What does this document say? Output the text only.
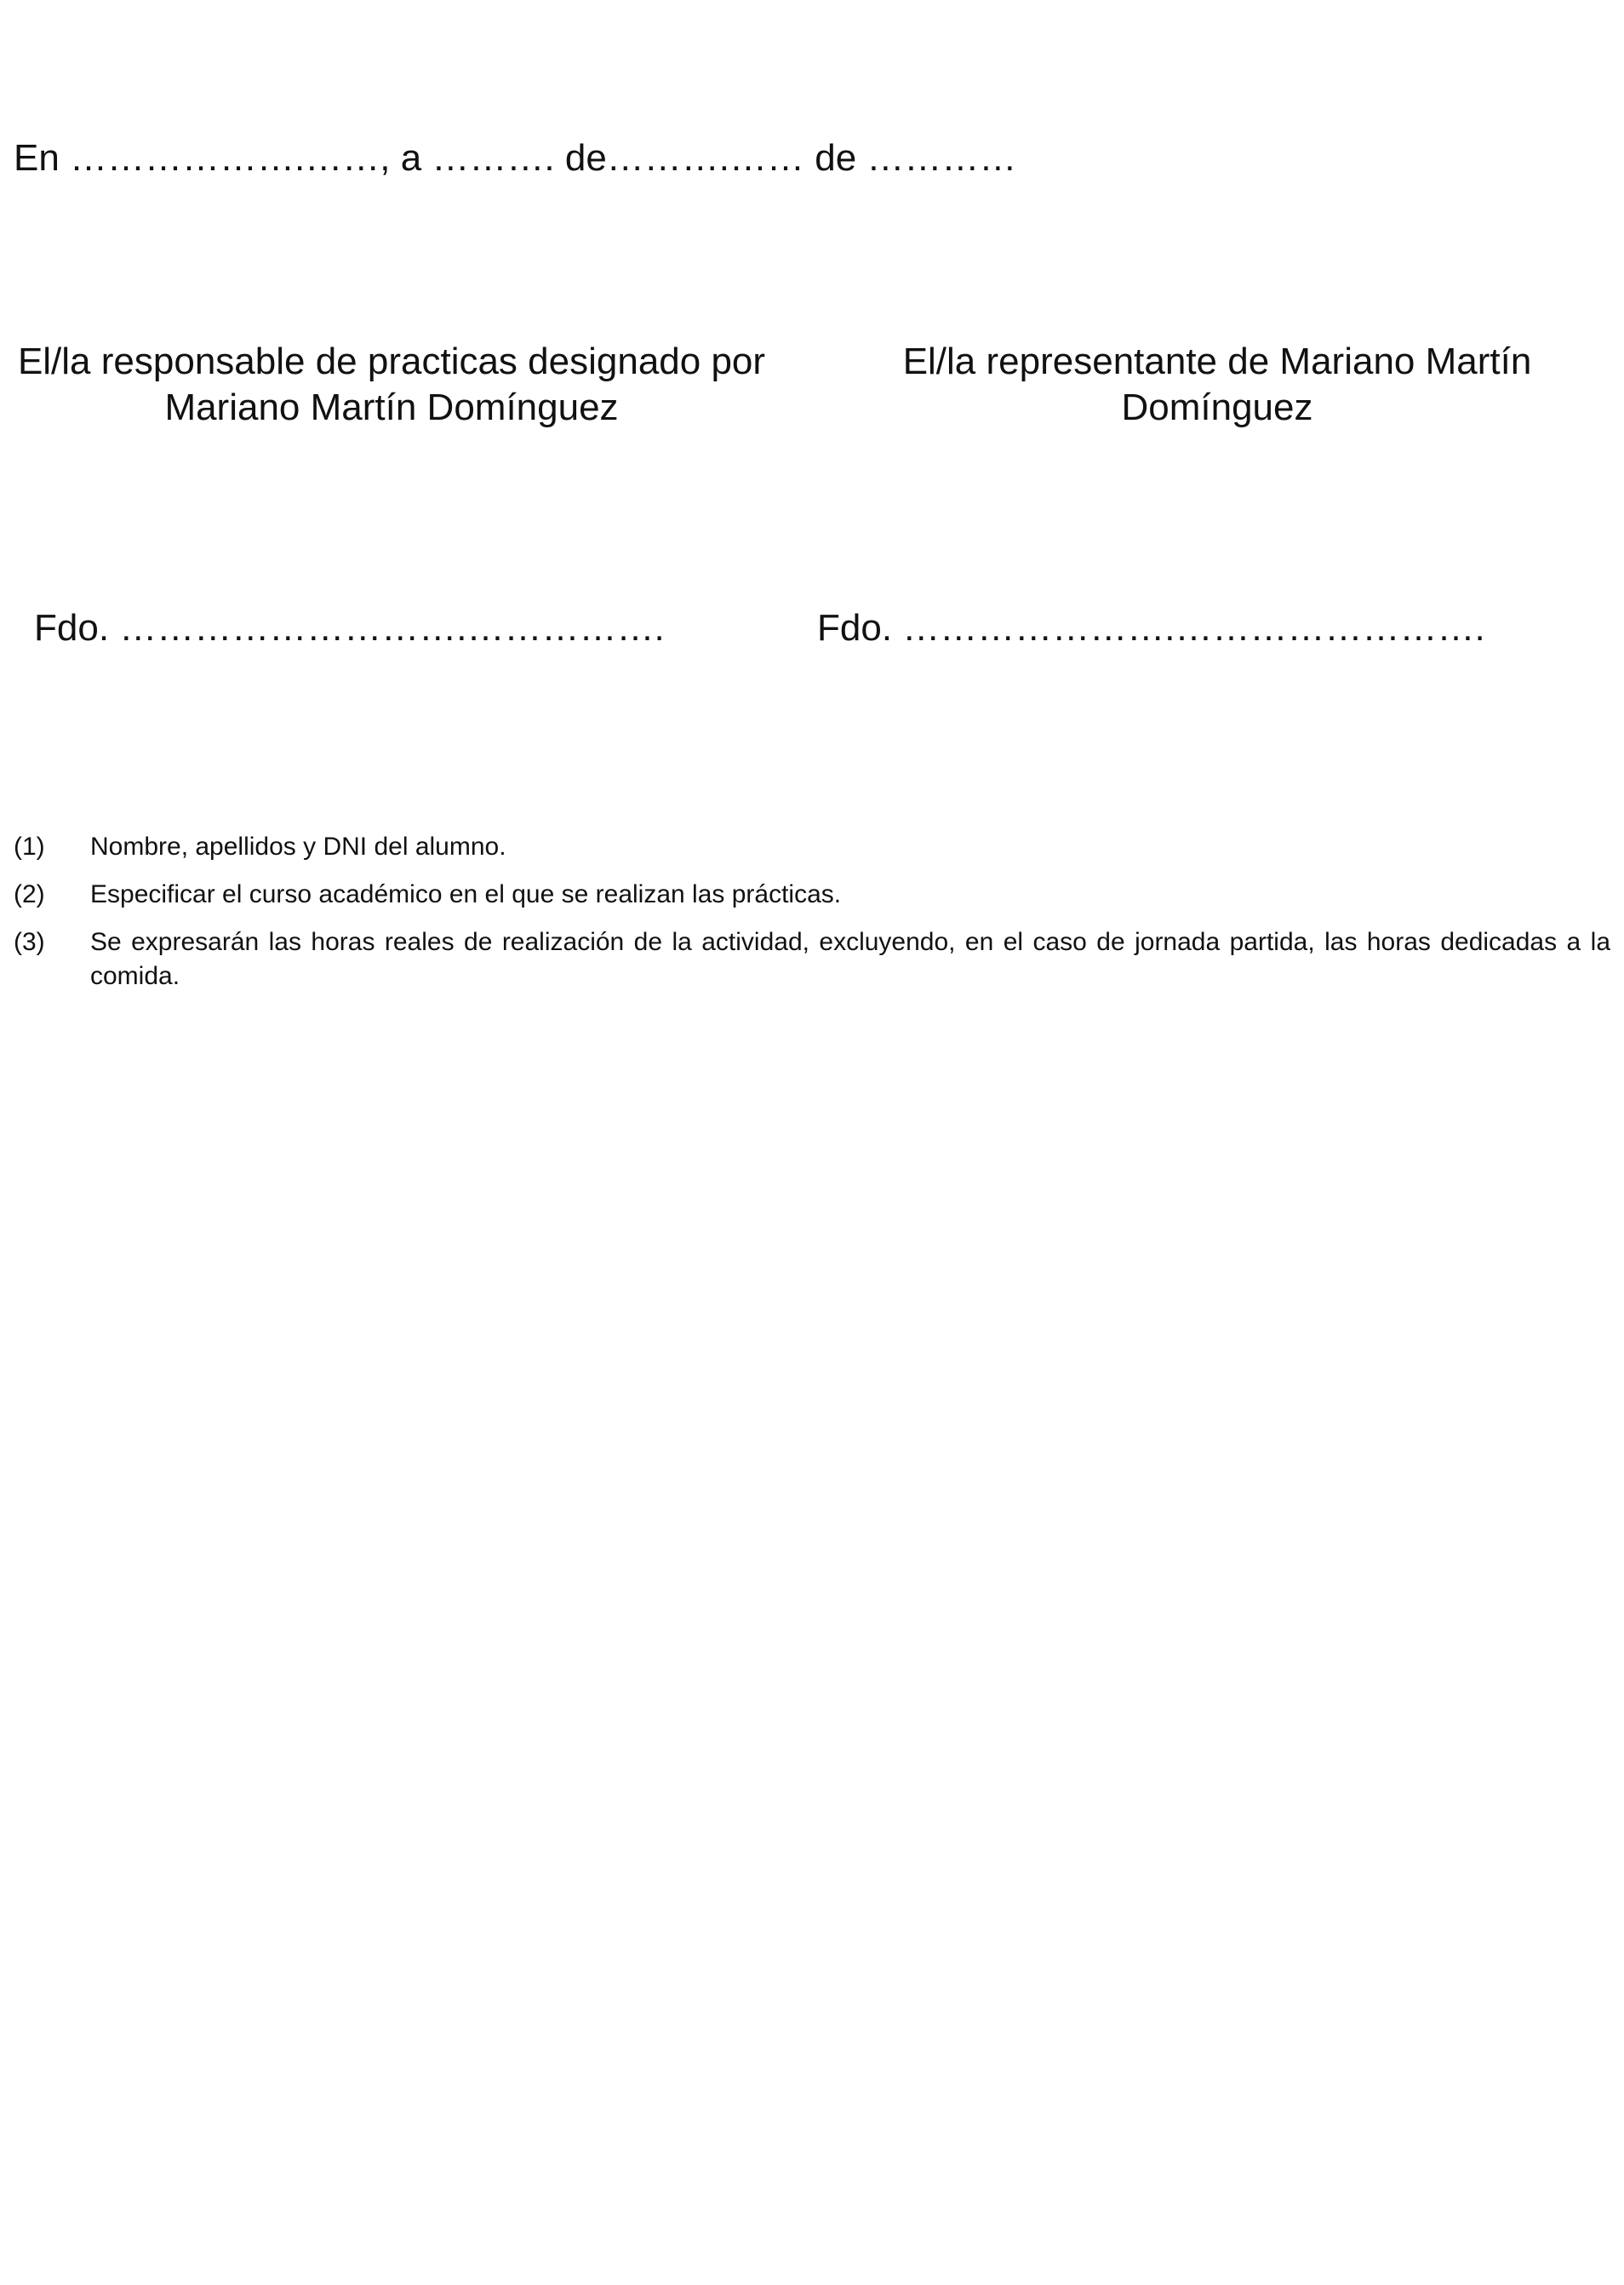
En ……………….……, a ………. de……….…… de …………
El/la responsable de practicas designado por Mariano Martín Domínguez
El/la representante de Mariano Martín Domínguez
Fdo. ……………………….…………….	Fdo. ………………….…………………….
(1)	Nombre, apellidos y DNI del alumno.
(2)	Especificar el curso académico en el que se realizan las prácticas.
(3)	Se expresarán las horas reales de realización de la actividad, excluyendo, en el caso de jornada partida, las horas dedicadas a la comida.
